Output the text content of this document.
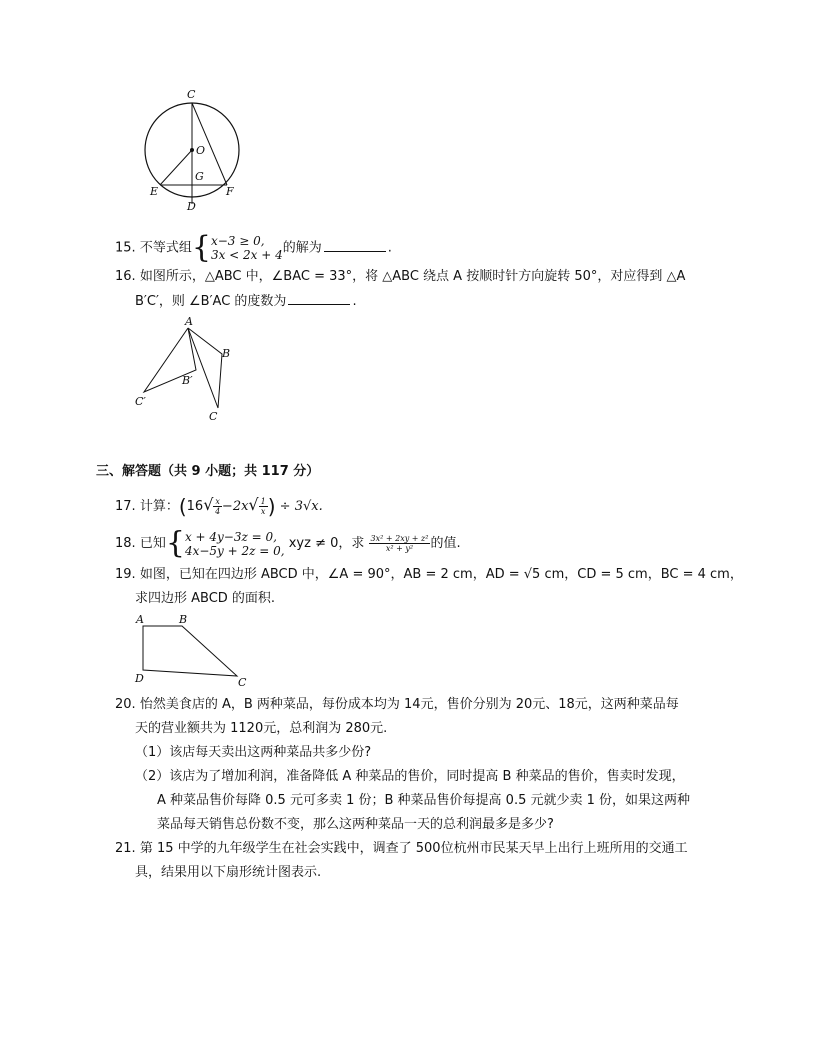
C
O
G
E	F
D
15. 不等式组{x−3 ≥ 0,
3x < 2x + 4的解为	.
16. 如图所示，△ABC 中，∠BAC = 33°，将 △ABC 绕点 A 按顺时针方向旋转 50°，对应得到 △A
B′C′，则 ∠B′AC 的度数为	.
A
B
B′
C′
C
三、解答题（共 9 小题；共 117 分）
17. 计算：($16√ \frac{x}{4} -2x√ \frac{1}{x}$ ) ÷ 3√x.
18. 已知{x + 4y−3z = 0,
4x−5y + 2z = 0, xyz ≠ 0，求 $\frac{\text{3x² + 2xy + z²}}{\text{x² + y²}}$ 的值.
19. 如图，已知在四边形 ABCD 中，∠A = 90°，AB = 2 cm，AD = √5 cm，CD = 5 cm，BC = 4 cm，
求四边形 ABCD 的面积.
A	B
D	C
20. 怡然美食店的 A，B 两种菜品，每份成本均为 14元，售价分别为 20元、18元，这两种菜品每
天的营业额共为 1120元，总利润为 280元.
（1）该店每天卖出这两种菜品共多少份?
（2）该店为了增加利润，准备降低 A 种菜品的售价，同时提高 B 种菜品的售价，售卖时发现，
A 种菜品售价每降 0.5 元可多卖 1 份；B 种菜品售价每提高 0.5 元就少卖 1 份，如果这两种
菜品每天销售总份数不变，那么这两种菜品一天的总利润最多是多少?
21. 第 15 中学的九年级学生在社会实践中，调查了 500位杭州市民某天早上出行上班所用的交通工
具，结果用以下扇形统计图表示.
